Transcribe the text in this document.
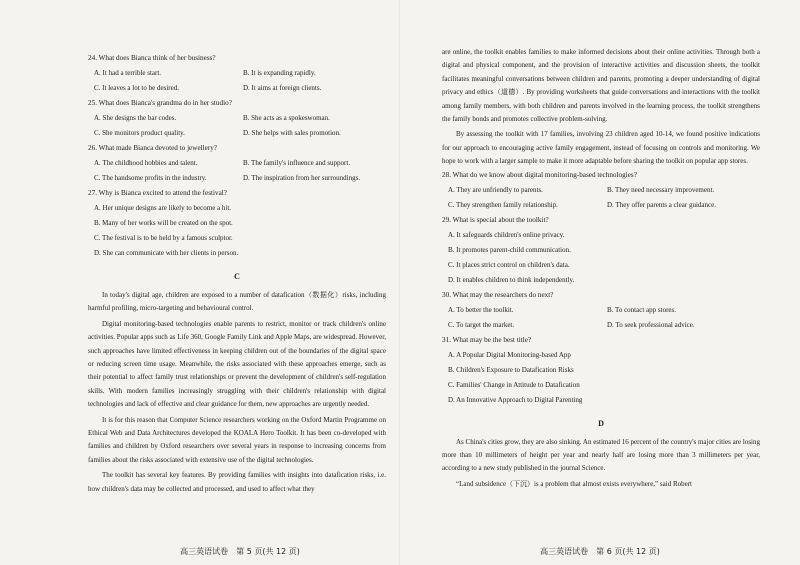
24. What does Bianca think of her business?
A. It had a terrible start.	B. It is expanding rapidly.
C. It leaves a lot to be desired.	D. It aims at foreign clients.
25. What does Bianca's grandma do in her studio?
A. She designs the bar codes.	B. She acts as a spokeswoman.
C. She monitors product quality.	D. She helps with sales promotion.
26. What made Bianca devoted to jewellery?
A. The childhood hobbies and talent.	B. The family's influence and support.
C. The handsome profits in the industry.	D. The inspiration from her surroundings.
27. Why is Bianca excited to attend the festival?
A. Her unique designs are likely to become a hit.
B. Many of her works will be created on the spot.
C. The festival is to be held by a famous sculptor.
D. She can communicate with her clients in person.
C

In today's digital age, children are exposed to a number of datafication（数据化）risks, including harmful profiling, micro-targeting and behavioural control.

Digital monitoring-based technologies enable parents to restrict, monitor or track children's online activities. Popular apps such as Life 360, Google Family Link and Apple Maps, are widespread. However, such approaches have limited effectiveness in keeping children out of the boundaries of the digital space or reducing screen time usage. Meanwhile, the risks associated with these approaches emerge, such as their potential to affect family trust relationships or prevent the development of children's self-regulation skills. With modern families increasingly struggling with their children's relationship with digital technologies and lack of effective and clear guidance for them, new approaches are urgently needed.

It is for this reason that Computer Science researchers working on the Oxford Martin Programme on Ethical Web and Data Architectures developed the KOALA Hero Toolkit. It has been co-developed with families and children by Oxford researchers over several years in response to increasing concerns from families about the risks associated with extensive use of the digital technologies.

The toolkit has several key features. By providing families with insights into datafication risks, i.e. how children's data may be collected and processed, and used to affect what they

高三英语试卷　第 5 页(共 12 页)

are online, the toolkit enables families to make informed decisions about their online activities. Through both a digital and physical component, and the provision of interactive activities and discussion sheets, the toolkit facilitates meaningful conversations between children and parents, promoting a deeper understanding of digital privacy and ethics（道德）. By providing worksheets that guide conversations and interactions with the toolkit among family members, with both children and parents involved in the learning process, the toolkit strengthens the family bonds and promotes collective problem-solving.

By assessing the toolkit with 17 families, involving 23 children aged 10-14, we found positive indications for our approach to encouraging active family engagement, instead of focusing on controls and monitoring. We hope to work with a larger sample to make it more adaptable before sharing the toolkit on popular app stores.

28. What do we know about digital monitoring-based technologies?
A. They are unfriendly to parents.	B. They need necessary improvement.
C. They strengthen family relationship.	D. They offer parents a clear guidance.
29. What is special about the toolkit?
A. It safeguards children's online privacy.
B. It promotes parent-child communication.
C. It places strict control on children's data.
D. It enables children to think independently.
30. What may the researchers do next?
A. To better the toolkit.	B. To contact app stores.
C. To target the market.	D. To seek professional advice.
31. What may be the best title?
A. A Popular Digital Monitoring-based App
B. Children's Exposure to Datafication Risks
C. Families' Change in Attitude to Datafication
D. An Innovative Approach to Digital Parenting
D

As China's cities grow, they are also sinking. An estimated 16 percent of the country's major cities are losing more than 10 millimeters of height per year and nearly half are losing more than 3 millimeters per year, according to a new study published in the journal Science.

“Land subsidence（下沉）is a problem that almost exists everywhere,” said Robert

高三英语试卷　第 6 页(共 12 页)
